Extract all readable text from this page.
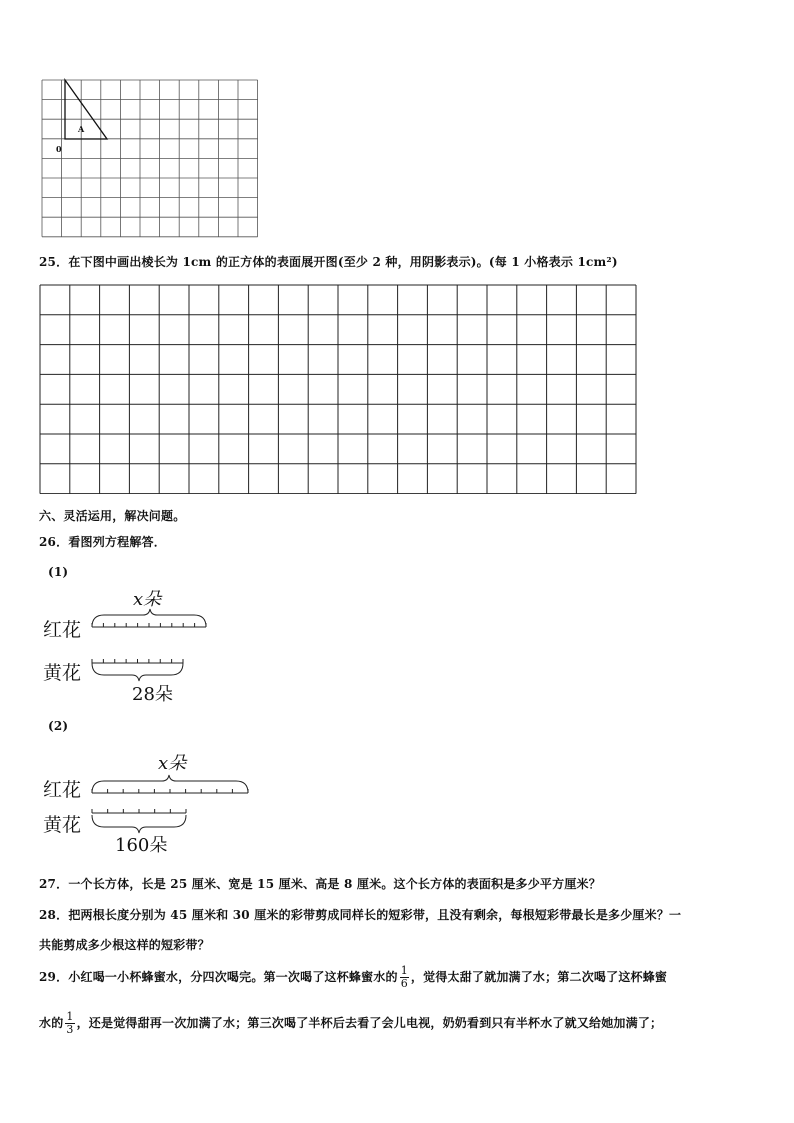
A
0
25．在下图中画出棱长为 1cm 的正方体的表面展开图(至少 2 种，用阴影表示)。(每 1 小格表示 1cm²)
六、灵活运用，解决问题。
26．看图列方程解答．
(1)
红花
黄花
x朵
28朵
(2)
红花
黄花
x朵
160朵
27．一个长方体，长是 25 厘米、宽是 15 厘米、高是 8 厘米。这个长方体的表面积是多少平方厘米？
28．把两根长度分别为 45 厘米和 30 厘米的彩带剪成同样长的短彩带，且没有剩余，每根短彩带最长是多少厘米？一
共能剪成多少根这样的短彩带？
29．小红喝一小杯蜂蜜水，分四次喝完。第一次喝了这杯蜂蜜水的 $\frac{1}{6}$ ，觉得太甜了就加满了水；第二次喝了这杯蜂蜜
水的 $\frac{1}{3}$ ，还是觉得甜再一次加满了水；第三次喝了半杯后去看了会儿电视，奶奶看到只有半杯水了就又给她加满了；
